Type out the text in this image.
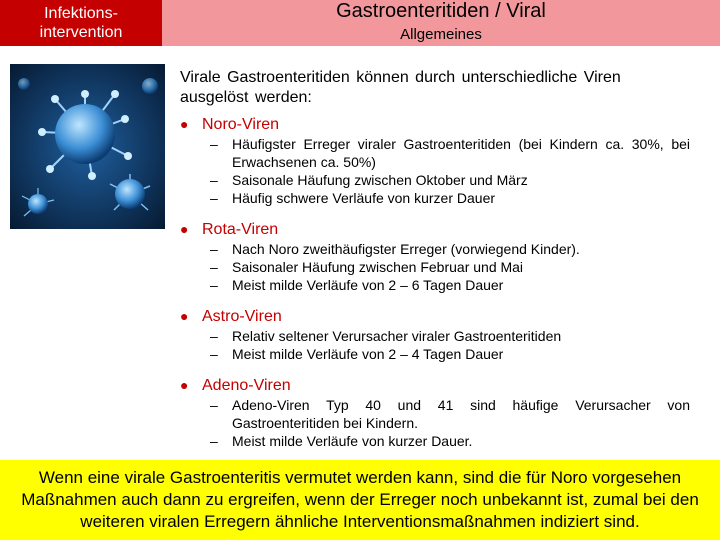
Infektions-
intervention
Gastroenteritiden / Viral
Allgemeines
Virale Gastroenteritiden können durch unterschiedliche Viren ausgelöst werden:
● Noro-Viren
–	Häufigster Erreger viraler Gastroenteritiden (bei Kindern ca. 30%, bei Erwachsenen ca. 50%)
–	Saisonale Häufung zwischen Oktober und März
–	Häufig schwere Verläufe von kurzer Dauer
● Rota-Viren
–	Nach Noro zweithäufigster Erreger (vorwiegend Kinder).
–	Saisonaler Häufung zwischen Februar und Mai
–	Meist milde Verläufe von 2 – 6 Tagen Dauer
● Astro-Viren
–	Relativ seltener Verursacher viraler Gastroenteritiden
–	Meist milde Verläufe von 2 – 4 Tagen Dauer
● Adeno-Viren
–	Adeno-Viren Typ 40 und 41 sind häufige Verursacher von Gastroenteritiden bei Kindern.
–	Meist milde Verläufe von kurzer Dauer.
Wenn eine virale Gastroenteritis vermutet werden kann, sind die für Noro vorgesehen Maßnahmen auch dann zu ergreifen, wenn der Erreger noch unbekannt ist, zumal bei den weiteren viralen Erregern ähnliche Interventionsmaßnahmen indiziert sind.
